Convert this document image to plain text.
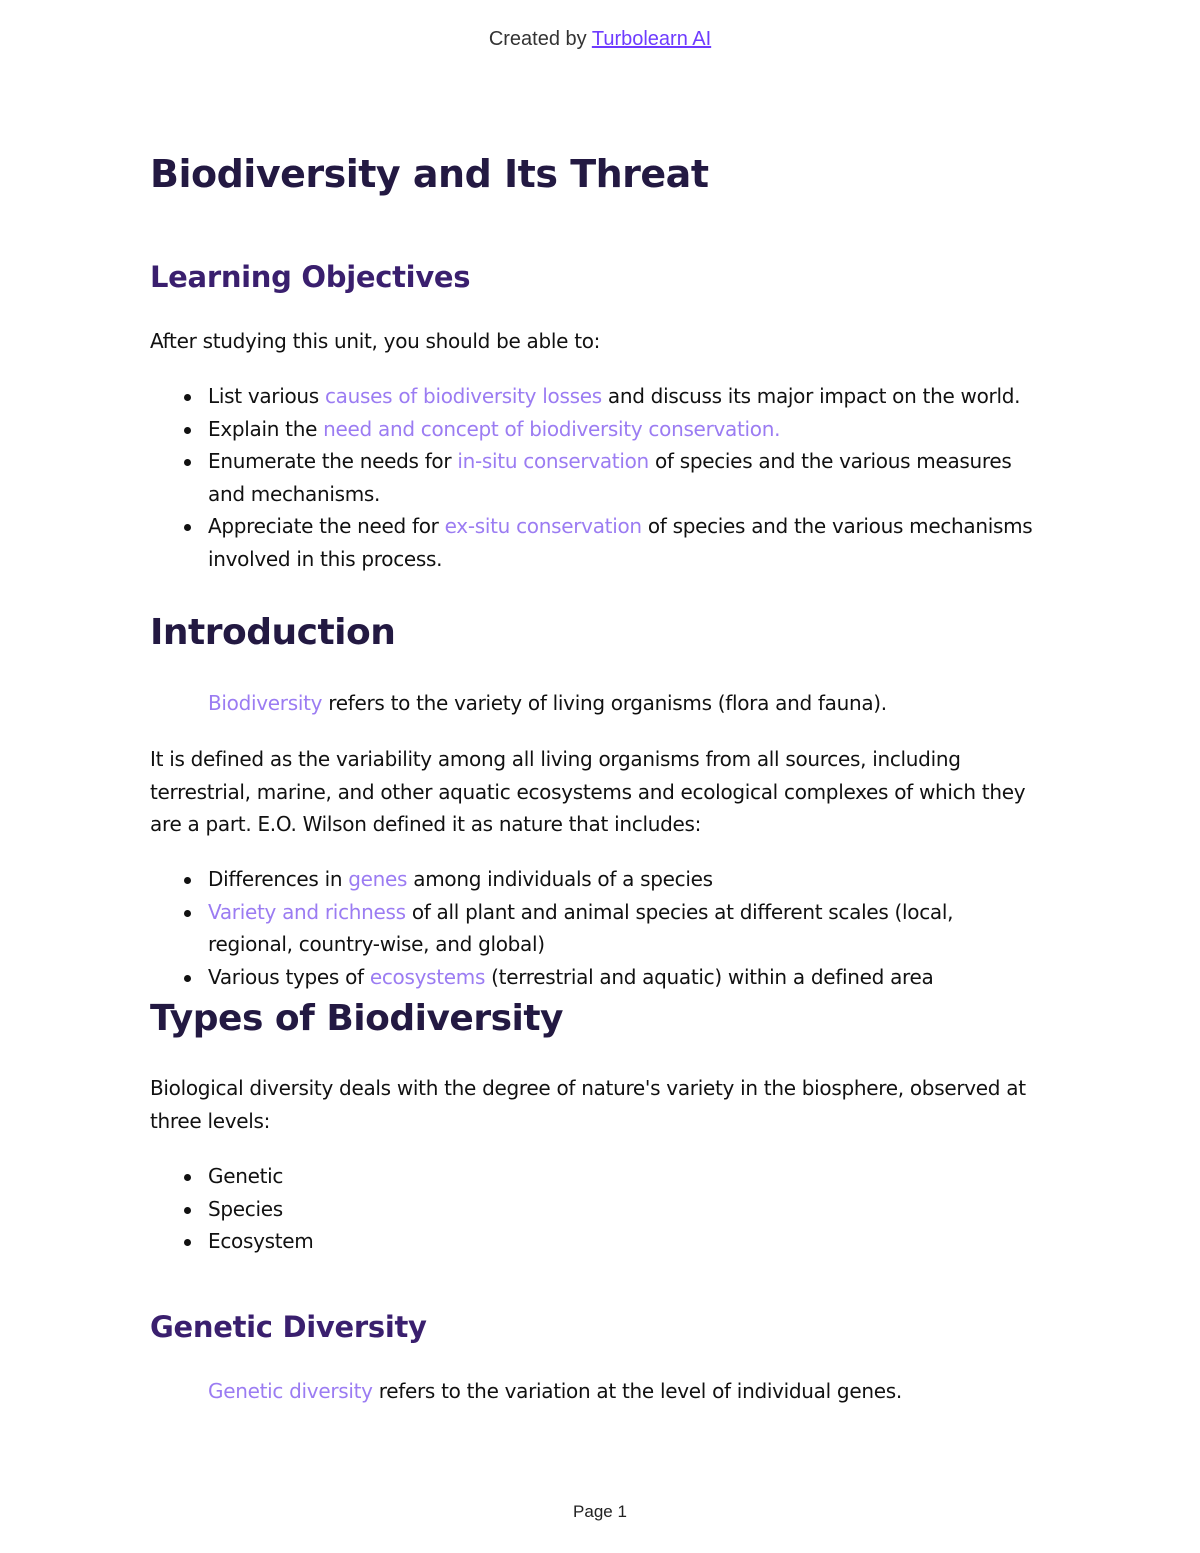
Created by Turbolearn AI
Biodiversity and Its Threat
Learning Objectives

After studying this unit, you should be able to:

List various causes of biodiversity losses and discuss its major impact on the world.
Explain the need and concept of biodiversity conservation.
Enumerate the needs for in-situ conservation of species and the various measures and mechanisms.
Appreciate the need for ex-situ conservation of species and the various mechanisms involved in this process.
Introduction

Biodiversity refers to the variety of living organisms (flora and fauna).

It is defined as the variability among all living organisms from all sources, including terrestrial, marine, and other aquatic ecosystems and ecological complexes of which they are a part. E.O. Wilson defined it as nature that includes:

Differences in genes among individuals of a species
Variety and richness of all plant and animal species at different scales (local, regional, country-wise, and global)
Various types of ecosystems (terrestrial and aquatic) within a defined area
Types of Biodiversity

Biological diversity deals with the degree of nature's variety in the biosphere, observed at three levels:

Genetic
Species
Ecosystem
Genetic Diversity

Genetic diversity refers to the variation at the level of individual genes.

Page 1
